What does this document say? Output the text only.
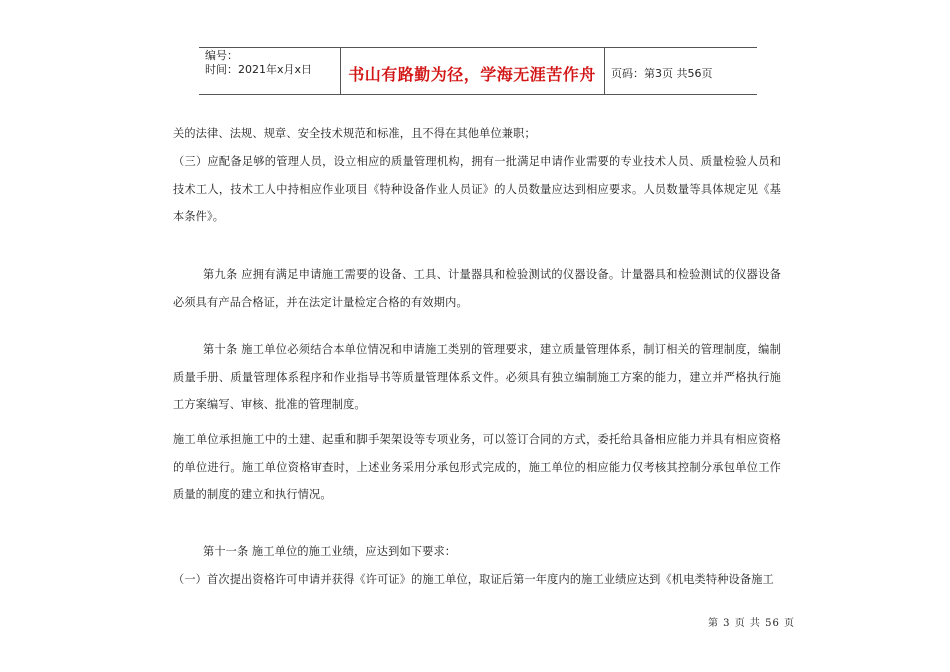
编号：
时间：2021年x月x日	书山有路勤为径，学海无涯苦作舟	页码：第3页 共56页

关的法律、法规、规章、安全技术规范和标准，且不得在其他单位兼职；

（三）应配备足够的管理人员，设立相应的质量管理机构，拥有一批满足申请作业需要的专业技术人员、质量检验人员和技术工人，技术工人中持相应作业项目《特种设备作业人员证》的人员数量应达到相应要求。人员数量等具体规定见《基本条件》。

第九条 应拥有满足申请施工需要的设备、工具、计量器具和检验测试的仪器设备。计量器具和检验测试的仪器设备必须具有产品合格证，并在法定计量检定合格的有效期内。

第十条 施工单位必须结合本单位情况和申请施工类别的管理要求，建立质量管理体系，制订相关的管理制度，编制质量手册、质量管理体系程序和作业指导书等质量管理体系文件。必须具有独立编制施工方案的能力，建立并严格执行施工方案编写、审核、批准的管理制度。

施工单位承担施工中的土建、起重和脚手架架设等专项业务，可以签订合同的方式，委托给具备相应能力并具有相应资格的单位进行。施工单位资格审查时，上述业务采用分承包形式完成的，施工单位的相应能力仅考核其控制分承包单位工作质量的制度的建立和执行情况。

第十一条 施工单位的施工业绩，应达到如下要求：

（一）首次提出资格许可申请并获得《许可证》的施工单位，取证后第一年度内的施工业绩应达到《机电类特种设备施工

第 3 页 共 56 页
